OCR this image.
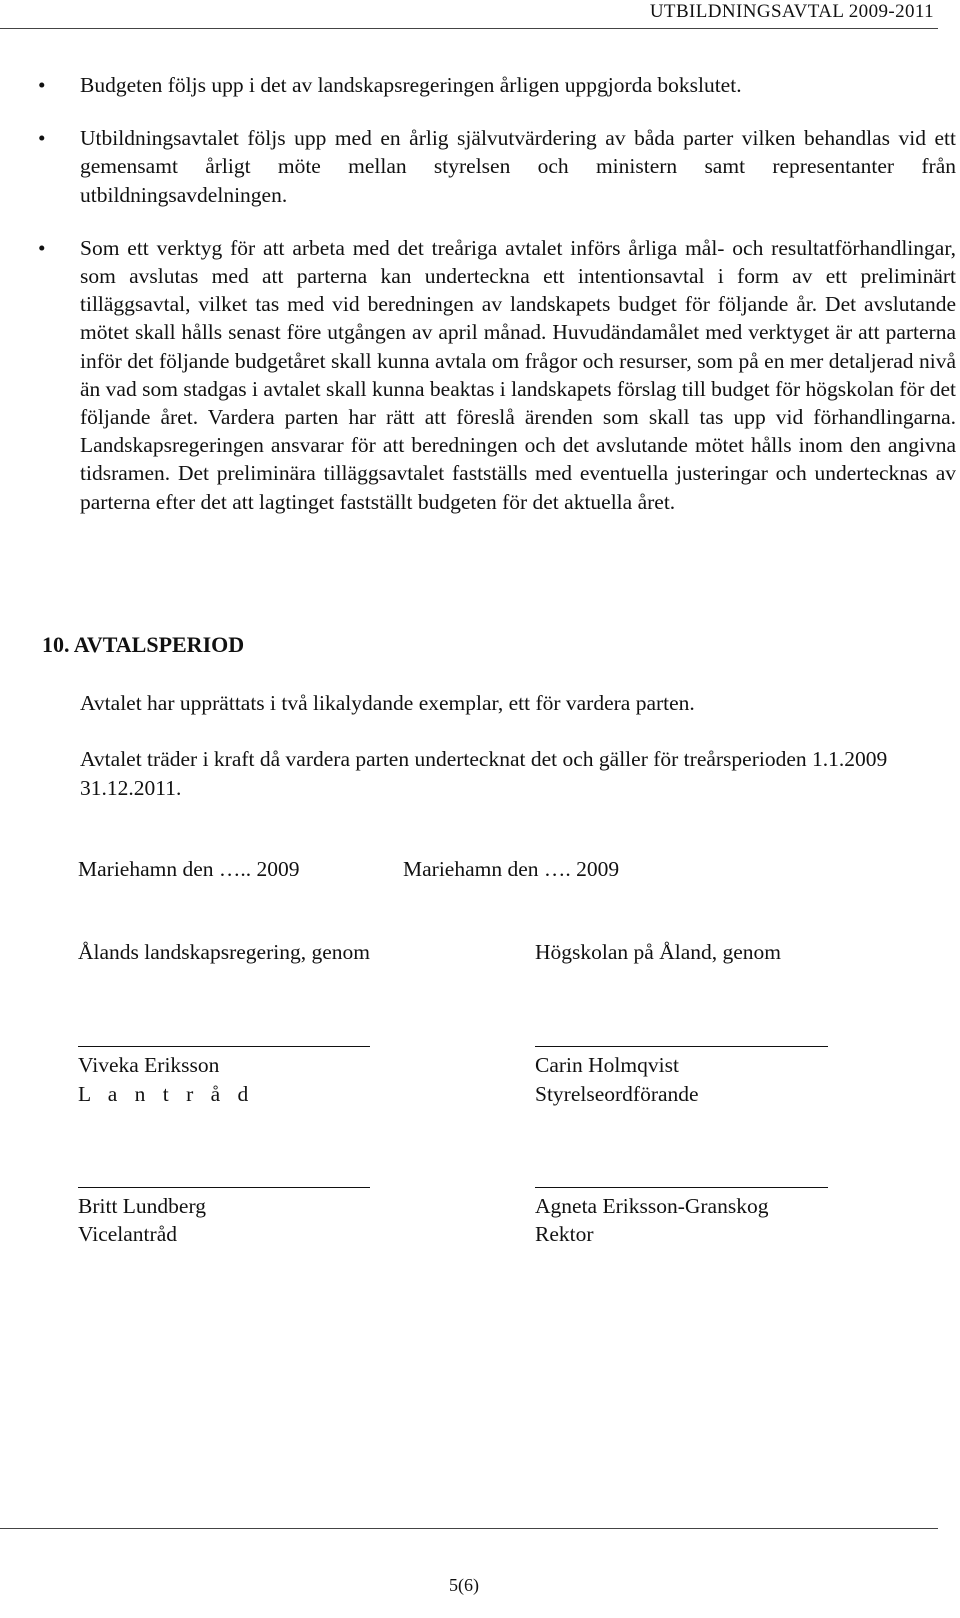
UTBILDNINGSAVTAL 2009-2011
• Budgeten följs upp i det av landskapsregeringen årligen uppgjorda bokslutet.
• Utbildningsavtalet följs upp med en årlig självutvärdering av båda parter vilken behandlas vid ett gemensamt årligt möte mellan styrelsen och ministern samt representanter från utbildningsavdelningen.
• Som ett verktyg för att arbeta med det treåriga avtalet införs årliga mål- och resultatförhandlingar, som avslutas med att parterna kan underteckna ett intentionsavtal i form av ett preliminärt tilläggsavtal, vilket tas med vid beredningen av landskapets budget för följande år. Det avslutande mötet skall hålls senast före utgången av april månad. Huvudändamålet med verktyget är att parterna inför det följande budgetåret skall kunna avtala om frågor och resurser, som på en mer detaljerad nivå än vad som stadgas i avtalet skall kunna beaktas i landskapets förslag till budget för högskolan för det följande året. Vardera parten har rätt att föreslå ärenden som skall tas upp vid förhandlingarna. Landskapsregeringen ansvarar för att beredningen och det avslutande mötet hålls inom den angivna tidsramen. Det preliminära tilläggsavtalet fastställs med eventuella justeringar och undertecknas av parterna efter det att lagtinget fastställt budgeten för det aktuella året.
10. AVTALSPERIOD

Avtalet har upprättats i två likalydande exemplar, ett för vardera parten.

Avtalet träder i kraft då vardera parten undertecknat det och gäller för treårsperioden 1.1.2009 31.12.2011.

Mariehamn den ….. 2009	Mariehamn den …. 2009
Ålands landskapsregering, genom	Högskolan på Åland, genom
Viveka Eriksson
L a n t r å d
Carin Holmqvist
Styrelseordförande
Britt Lundberg
Vicelantråd
Agneta Eriksson-Granskog
Rektor
5(6)
